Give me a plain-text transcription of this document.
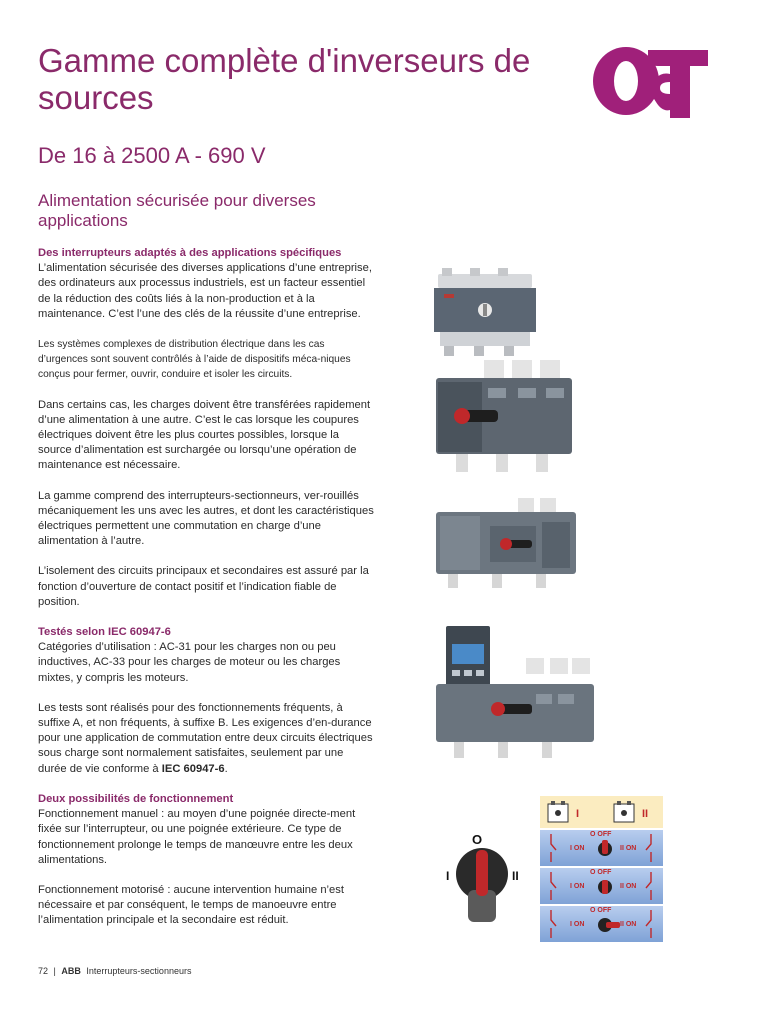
Gamme complète d'inverseurs de sources
De 16 à 2500 A - 690 V
Alimentation sécurisée pour diverses applications
c

Des interrupteurs adaptés à des applications spécifiques
L’alimentation sécurisée des diverses applications d’une entreprise, des ordinateurs aux processus industriels, est un facteur essentiel de la réduction des coûts liés à la non-production et à la maintenance. C’est l’une des clés de la réussite d’une entreprise.

Les systèmes complexes de distribution électrique dans les cas d’urgences sont souvent contrôlés à l’aide de dispositifs méca-niques conçus pour fermer, ouvrir, conduire et isoler les circuits.

Dans certains cas, les charges doivent être transférées rapidement d’une alimentation à une autre. C’est le cas lorsque les coupures électriques doivent être les plus courtes possibles, lorsque la source d’alimentation est surchargée ou lorsqu’une opération de maintenance est nécessaire.

La gamme comprend des interrupteurs-sectionneurs, ver-rouillés mécaniquement les uns avec les autres, et dont les caractéristiques électriques permettent une commutation en charge d’une alimentation à l’autre.

L’isolement des circuits principaux et secondaires est assuré par la fonction d’ouverture de contact positif et l’indication fiable de position.

Testés selon IEC 60947-6
Catégories d’utilisation : AC-31 pour les charges non ou peu inductives, AC-33 pour les charges de moteur ou les charges mixtes, y compris les moteurs.

Les tests sont réalisés pour des fonctionnements fréquents, à suffixe A, et non fréquents, à suffixe B. Les exigences d’en-durance pour une application de commutation entre deux circuits électriques sous charge sont normalement satisfaites, seulement par une durée de vie conforme à IEC 60947-6.

Deux possibilités de fonctionnement
Fonctionnement manuel : au moyen d’une poignée directe-ment fixée sur l’interrupteur, ou une poignée extérieure. Ce type de fonctionnement prolonge le temps de manœuvre entre les deux alimentations.

Fonctionnement motorisé : aucune intervention humaine n’est nécessaire et par conséquent, le temps de manoeuvre entre l’alimentation principale et la secondaire est réduit.

O
I	II
I	II
O OFF
I ON	II ON
O OFF
I ON	II ON
O OFF
I ON	II ON
72 | ABB Interrupteurs-sectionneurs
